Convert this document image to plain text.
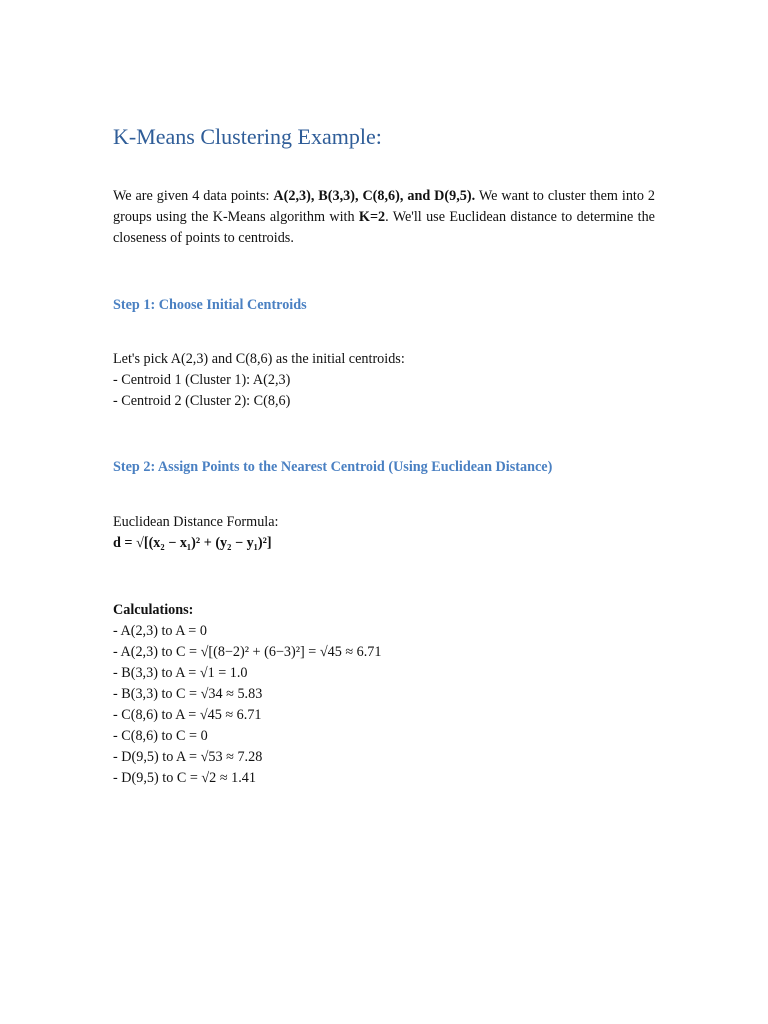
K-Means Clustering Example:

We are given 4 data points: A(2,3), B(3,3), C(8,6), and D(9,5). We want to cluster them into 2 groups using the K-Means algorithm with K=2. We'll use Euclidean distance to determine the closeness of points to centroids.

Step 1: Choose Initial Centroids
Let's pick A(2,3) and C(8,6) as the initial centroids:
- Centroid 1 (Cluster 1): A(2,3)
- Centroid 2 (Cluster 2): C(8,6)
Step 2: Assign Points to the Nearest Centroid (Using Euclidean Distance)
Euclidean Distance Formula:
d = √[(x₂ − x₁)² + (y₂ − y₁)²]
Calculations:
- A(2,3) to A = 0
- A(2,3) to C = √[(8−2)² + (6−3)²] = √45 ≈ 6.71
- B(3,3) to A = √1 = 1.0
- B(3,3) to C = √34 ≈ 5.83
- C(8,6) to A = √45 ≈ 6.71
- C(8,6) to C = 0
- D(9,5) to A = √53 ≈ 7.28
- D(9,5) to C = √2 ≈ 1.41
